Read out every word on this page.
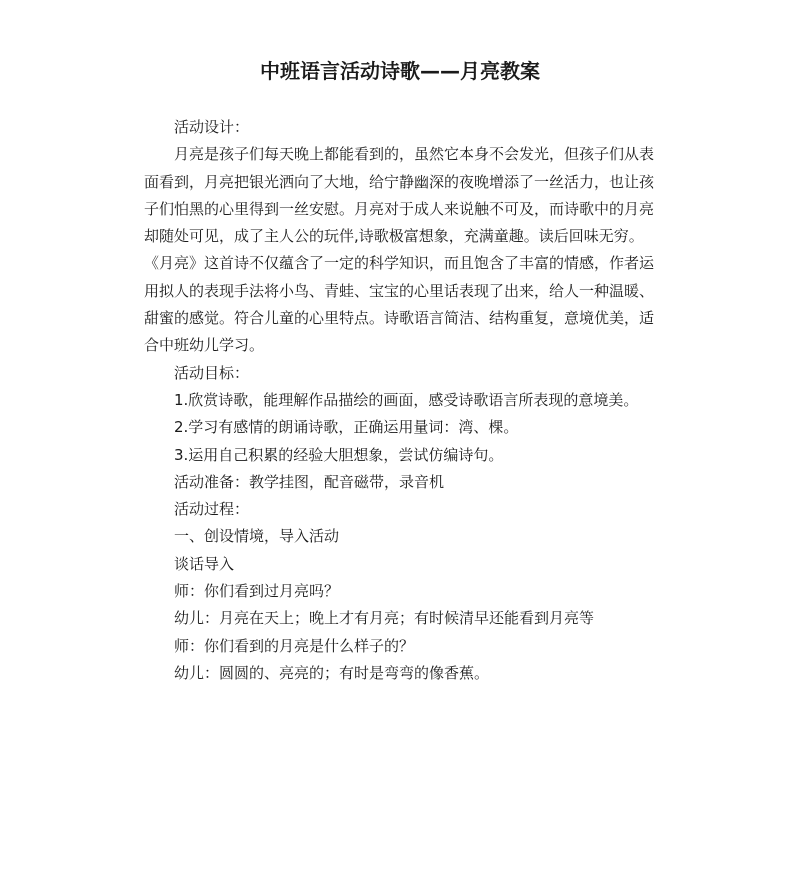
中班语言活动诗歌——月亮教案

活动设计：

月亮是孩子们每天晚上都能看到的，虽然它本身不会发光，但孩子们从表面看到，月亮把银光洒向了大地，给宁静幽深的夜晚增添了一丝活力，也让孩子们怕黑的心里得到一丝安慰。月亮对于成人来说触不可及，而诗歌中的月亮却随处可见，成了主人公的玩伴,诗歌极富想象，充满童趣。读后回味无穷。《月亮》这首诗不仅蕴含了一定的科学知识，而且饱含了丰富的情感，作者运用拟人的表现手法将小鸟、青蛙、宝宝的心里话表现了出来，给人一种温暖、甜蜜的感觉。符合儿童的心里特点。诗歌语言简洁、结构重复，意境优美，适合中班幼儿学习。

活动目标：

1.欣赏诗歌，能理解作品描绘的画面，感受诗歌语言所表现的意境美。

2.学习有感情的朗诵诗歌，正确运用量词：湾、棵。

3.运用自己积累的经验大胆想象，尝试仿编诗句。

活动准备：教学挂图，配音磁带，录音机

活动过程：

一、创设情境，导入活动

谈话导入

师：你们看到过月亮吗？

幼儿：月亮在天上；晚上才有月亮；有时候清早还能看到月亮等

师：你们看到的月亮是什么样子的？

幼儿：圆圆的、亮亮的；有时是弯弯的像香蕉。
